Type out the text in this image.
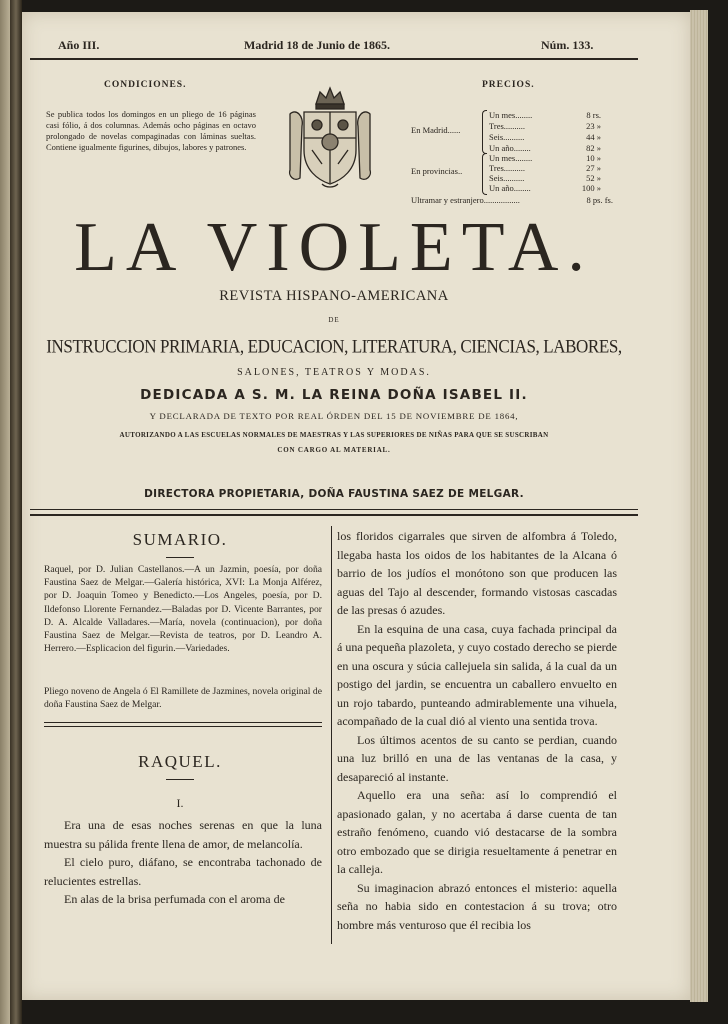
Año III.	Madrid 18 de Junio de 1865.	Núm. 133.
CONDICIONES.
Se publica todos los domingos en un pliego de 16 páginas casi fólio, á dos columnas. Además ocho páginas en octavo prolongado de novelas compaginadas con láminas sueltas. Contiene igualmente figurines, dibujos, labores y patrones.
PRECIOS.
En Madrid......
Un mes........	8 rs.
Tres..........	23 »
Seis..........	44 »
Un año........	82 »
En provincias..
Un mes........	10 »
Tres..........	27 »
Seis..........	52 »
Un año........	100 »
Ultramar y estranjero.................	8 ps. fs.
LA VIOLETA.
REVISTA HISPANO-AMERICANA
DE
INSTRUCCION PRIMARIA, EDUCACION, LITERATURA, CIENCIAS, LABORES,
SALONES, TEATROS Y MODAS.
DEDICADA A S. M. LA REINA DOÑA ISABEL II.
Y DECLARADA DE TEXTO POR REAL ÓRDEN DEL 15 DE NOVIEMBRE DE 1864,
AUTORIZANDO A LAS ESCUELAS NORMALES DE MAESTRAS Y LAS SUPERIORES DE NIÑAS PARA QUE SE SUSCRIBAN
CON CARGO AL MATERIAL.
DIRECTORA PROPIETARIA, DOÑA FAUSTINA SAEZ DE MELGAR.
SUMARIO.
Raquel, por D. Julian Castellanos.—A un Jazmin, poesía, por doña Faustina Saez de Melgar.—Galería histórica, XVI: La Monja Alférez, por D. Joaquin Tomeo y Benedicto.—Los Angeles, poesía, por D. Ildefonso Llorente Fernandez.—Baladas por D. Vicente Barrantes, por D. A. Alcalde Valladares.—María, novela (continuacion), por doña Faustina Saez de Melgar.—Revista de teatros, por D. Leandro A. Herrero.—Esplicacion del figurin.—Variedades.
Pliego noveno de Angela ó El Ramillete de Jazmines, novela original de doña Faustina Saez de Melgar.
RAQUEL.
I.

Era una de esas noches serenas en que la luna muestra su pálida frente llena de amor, de melancolía.

El cielo puro, diáfano, se encontraba tachonado de relucientes estrellas.

En alas de la brisa perfumada con el aroma de

los floridos cigarrales que sirven de alfombra á Toledo, llegaba hasta los oidos de los habitantes de la Alcana ó barrio de los judíos el monótono son que producen las aguas del Tajo al descender, formando vistosas cascadas de las presas ó azudes.

En la esquina de una casa, cuya fachada principal da á una pequeña plazoleta, y cuyo costado derecho se pierde en una oscura y súcia callejuela sin salida, á la cual da un postigo del jardin, se encuentra un caballero envuelto en un rojo tabardo, punteando admirablemente una vihuela, acompañado de la cual dió al viento una sentida trova.

Los últimos acentos de su canto se perdian, cuando una luz brilló en una de las ventanas de la casa, y desapareció al instante.

Aquello era una seña: así lo comprendió el apasionado galan, y no acertaba á darse cuenta de tan estraño fenómeno, cuando vió destacarse de la sombra otro embozado que se dirigia resueltamente á penetrar en la calleja.

Su imaginacion abrazó entonces el misterio: aquella seña no habia sido en contestacion á su trova; otro hombre más venturoso que él recibia los
